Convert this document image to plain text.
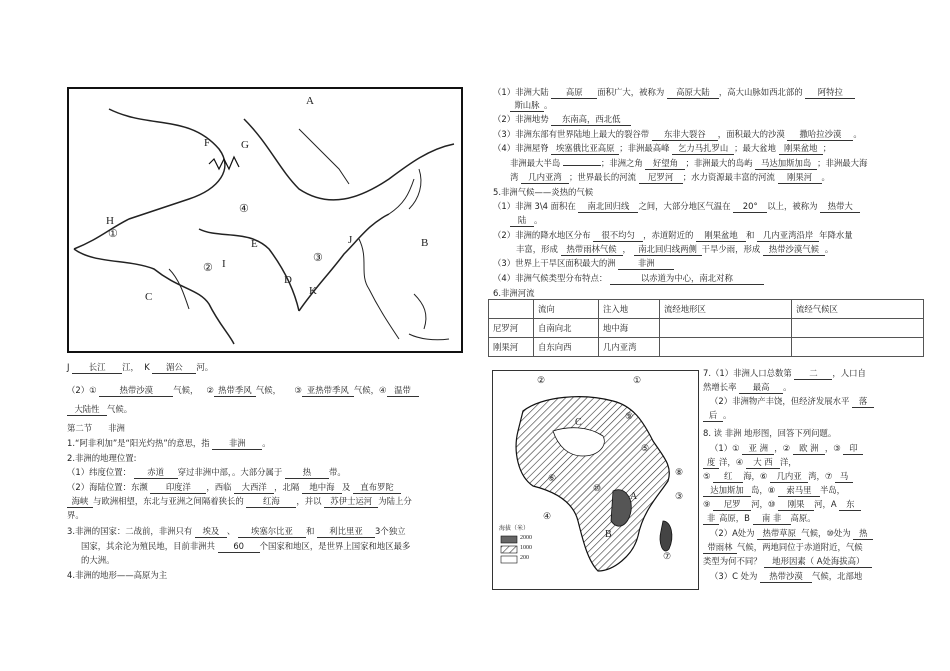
A
B
C
D
E
F	G
H
I
J
K
①
②
③
④
J 长江 江， K 湄公 河。
（2）①	热带沙漠 气候， ② 热带季风 气候， ③ 亚热带季风 气候，④ 温带
大陆性 气候。
第二节 非洲
1.“阿非利加”是“阳光灼热”的意思，指 非洲 。
2.非洲的地理位置:
（1）纬度位置： 赤道 穿过非洲中部，。大部分属于 热 带。
（2）海陆位置：东濒 印度洋 ，西临 大西洋 ，北隔 地中海 及 直布罗陀
海峡 与欧洲相望，东北与亚洲之间隔着狭长的 红海 ，并以 苏伊士运河 为陆上分
界。
3.非洲的国家：二战前，非洲只有 埃及 、 埃塞尔比亚 和 利比里亚 3个独立
国家，其余沦为殖民地，目前非洲共 60 个国家和地区，是世界上国家和地区最多
的大洲。
4.非洲的地形——高原为主
（1）非洲大陆 高原 面积广大，被称为 高原大陆 ，高大山脉如西北部的 阿特拉
斯山脉 。
（2）非洲地势 东南高，西北低
（3）非洲东部有世界陆地上最大的裂谷带 东非大裂谷 ，面积最大的沙漠 撒哈拉沙漠 。
（4）非洲屋脊 埃塞俄比亚高原 ；非洲最高峰 乞力马扎罗山 ；最大盆地 刚果盆地 ；
非洲最大半岛	；非洲之角 好望角 ；非洲最大的岛屿 马达加斯加岛 ；非洲最大海
湾 几内亚湾 ；世界最长的河流 尼罗河 ；水力资源最丰富的河流 刚果河 。
5.非洲气候——炎热的气候
（1）非洲 3\4 面积在 南北回归线 之间，大部分地区气温在 20° 以上，被称为 热带大
陆 。
（2）非洲的降水地区分布 很不均匀 ，赤道附近的 刚果盆地 和 几内亚湾沿岸 年降水量
丰富，形成 热带雨林气候 ， 南北回归线两侧 干旱少雨，形成 热带沙漠气候 。
（3）世界上干旱区面积最大的洲	非洲
（4）非洲气候类型分布特点：	以赤道为中心，南北对称
6.非洲河流
	流向	注入地	流经地形区	流经气候区
尼罗河	自南向北	地中海		
刚果河	自东向西	几内亚湾		
①
②
③
④
⑤
⑥
⑦
⑧
⑨
⑩
A
B
C
海拔（米）
2000
1000
200
7.（1）非洲人口总数第 二 ，人口自
然增长率 最高 。
（2）非洲物产丰饶，但经济发展水平 落
后 。
8. 读 非洲 地形图，回答下列问题。
（1）① 亚 洲 ，② 欧 洲 ，③ 印
度 洋，④ 大 西 洋，
⑤ 红 海，⑥ 几内亚 湾，⑦ 马
达加斯加 岛，⑧ 索马里 半岛，
⑨ 尼罗 河，⑩ 刚果 河，A 东
非 高原，B 南 非 高原。
（2）A处为 热带草原 气候，⑩处为 热
带雨林 气候，两地同位于赤道附近，气候
类型为何不同？ 地形因素（ A处海拔高）
（3）C 处为 热带沙漠 气候，北部地
